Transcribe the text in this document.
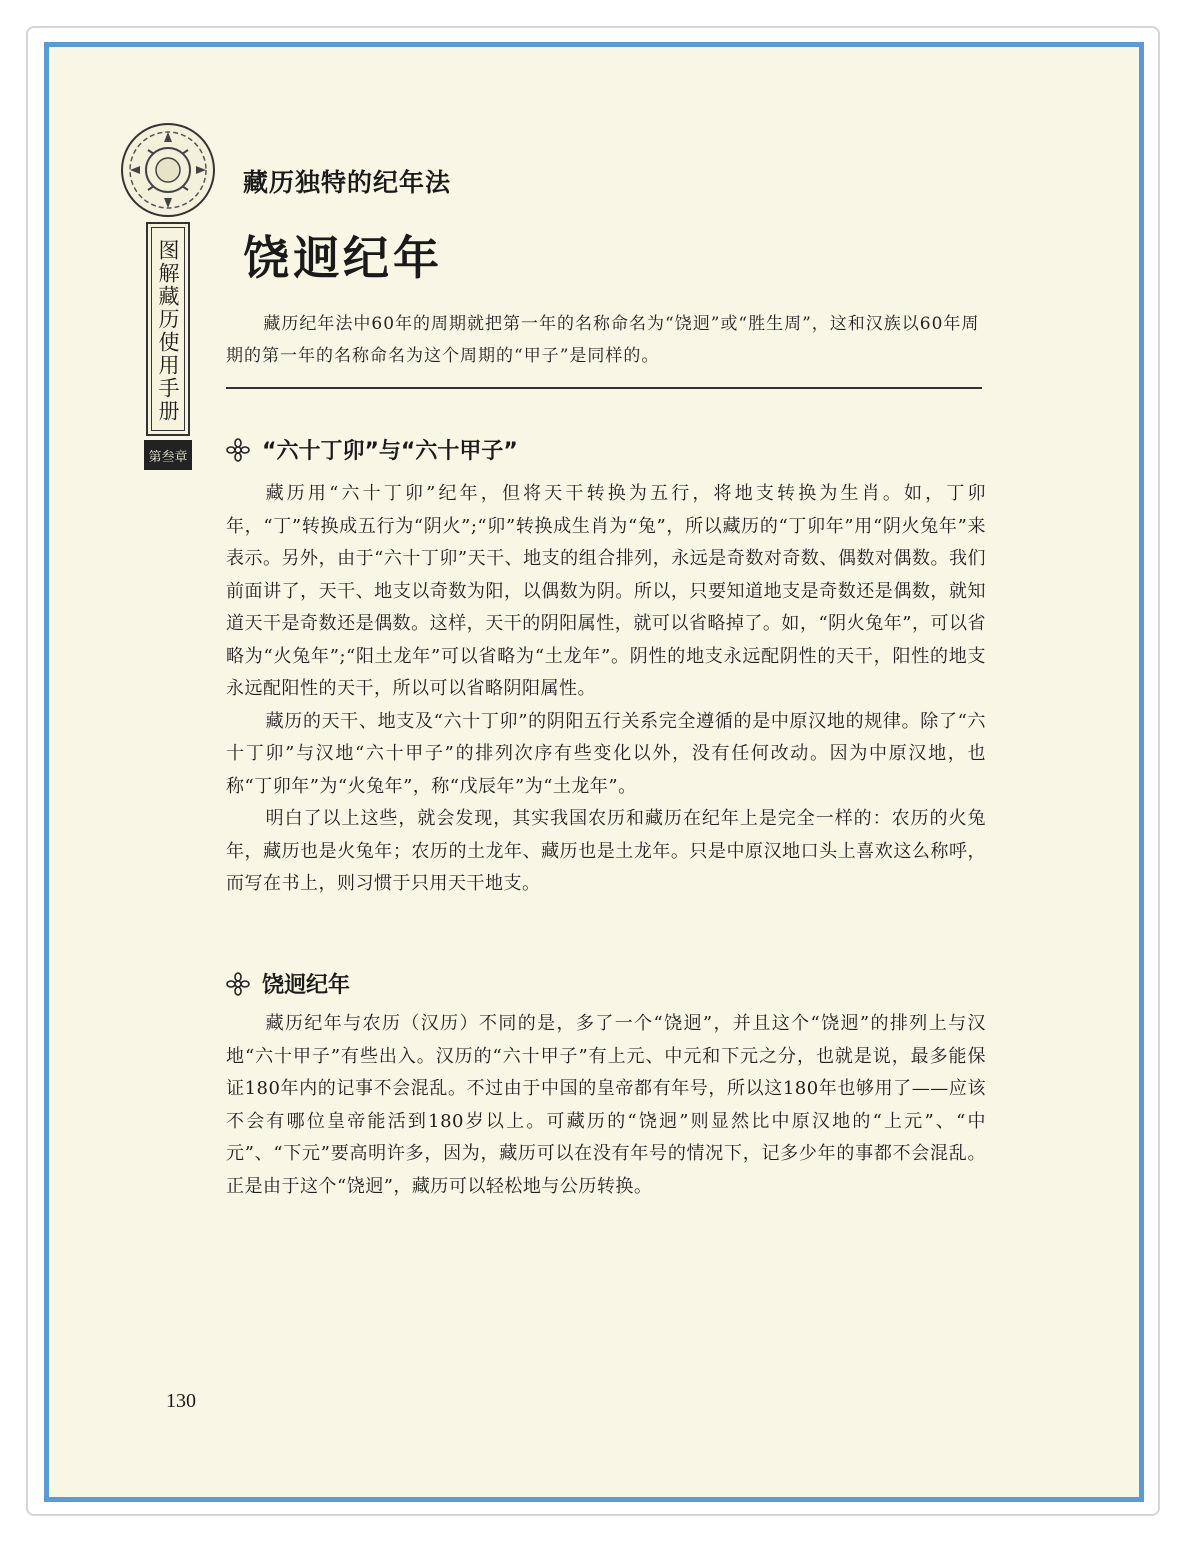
图解藏历使用手册
第叁章
藏历独特的纪年法
饶迥纪年

藏历纪年法中60年的周期就把第一年的名称命名为“饶迥”或“胜生周”，这和汉族以60年周期的第一年的名称命名为这个周期的“甲子”是同样的。

“六十丁卯”与“六十甲子”

藏历用“六十丁卯”纪年，但将天干转换为五行，将地支转换为生肖。如，丁卯年，“丁”转换成五行为“阴火”;“卯”转换成生肖为“兔”，所以藏历的“丁卯年”用“阴火兔年”来表示。另外，由于“六十丁卯”天干、地支的组合排列，永远是奇数对奇数、偶数对偶数。我们前面讲了，天干、地支以奇数为阳，以偶数为阴。所以，只要知道地支是奇数还是偶数，就知道天干是奇数还是偶数。这样，天干的阴阳属性，就可以省略掉了。如，“阴火兔年”，可以省略为“火兔年”;“阳土龙年”可以省略为“土龙年”。阴性的地支永远配阴性的天干，阳性的地支永远配阳性的天干，所以可以省略阴阳属性。

藏历的天干、地支及“六十丁卯”的阴阳五行关系完全遵循的是中原汉地的规律。除了“六十丁卯”与汉地“六十甲子”的排列次序有些变化以外，没有任何改动。因为中原汉地，也称“丁卯年”为“火兔年”，称“戊辰年”为“土龙年”。

明白了以上这些，就会发现，其实我国农历和藏历在纪年上是完全一样的：农历的火兔年，藏历也是火兔年；农历的土龙年、藏历也是土龙年。只是中原汉地口头上喜欢这么称呼，而写在书上，则习惯于只用天干地支。

饶迥纪年

藏历纪年与农历（汉历）不同的是，多了一个“饶迥”，并且这个“饶迥”的排列上与汉地“六十甲子”有些出入。汉历的“六十甲子”有上元、中元和下元之分，也就是说，最多能保证180年内的记事不会混乱。不过由于中国的皇帝都有年号，所以这180年也够用了——应该不会有哪位皇帝能活到180岁以上。可藏历的“饶迥”则显然比中原汉地的“上元”、“中元”、“下元”要高明许多，因为，藏历可以在没有年号的情况下，记多少年的事都不会混乱。正是由于这个“饶迥”，藏历可以轻松地与公历转换。

130
